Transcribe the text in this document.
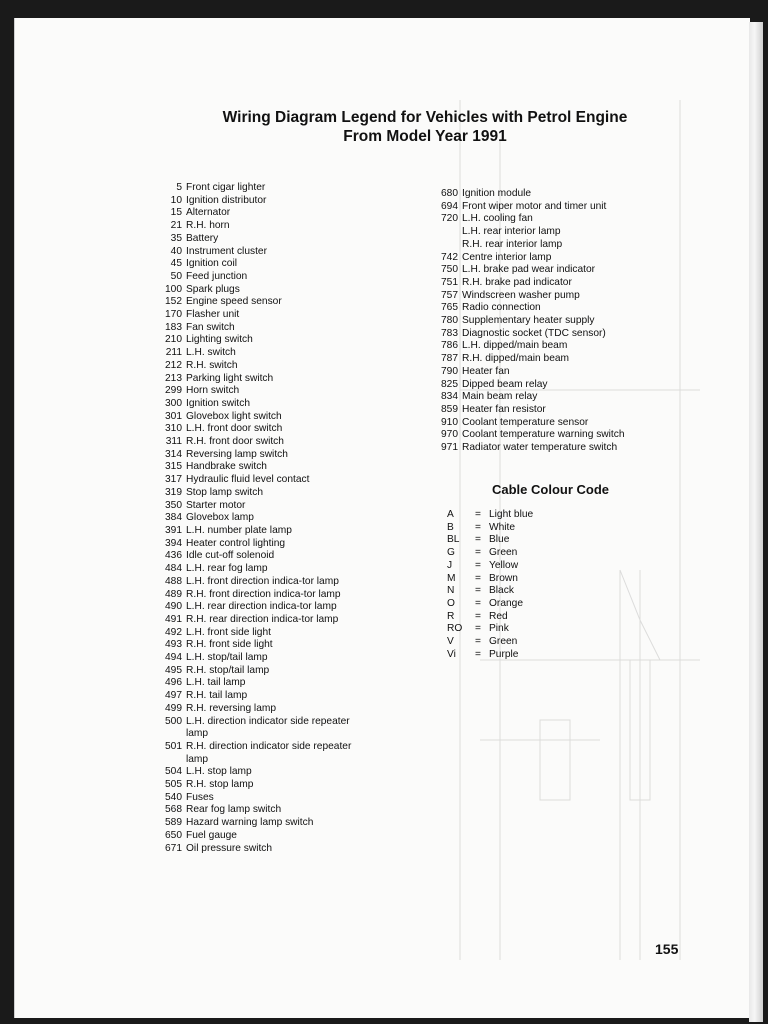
Wiring Diagram Legend for Vehicles with Petrol Engine
From Model Year 1991
5 Front cigar lighter
10 Ignition distributor
15 Alternator
21 R.H. horn
35 Battery
40 Instrument cluster
45 Ignition coil
50 Feed junction
100 Spark plugs
152 Engine speed sensor
170 Flasher unit
183 Fan switch
210 Lighting switch
211 L.H. switch
212 R.H. switch
213 Parking light switch
299 Horn switch
300 Ignition switch
301 Glovebox light switch
310 L.H. front door switch
311 R.H. front door switch
314 Reversing lamp switch
315 Handbrake switch
317 Hydraulic fluid level contact
319 Stop lamp switch
350 Starter motor
384 Glovebox lamp
391 L.H. number plate lamp
394 Heater control lighting
436 Idle cut-off solenoid
484 L.H. rear fog lamp
488 L.H. front direction indica-tor lamp
489 R.H. front direction indica-tor lamp
490 L.H. rear direction indica-tor lamp
491 R.H. rear direction indica-tor lamp
492 L.H. front side light
493 R.H. front side light
494 L.H. stop/tail lamp
495 R.H. stop/tail lamp
496 L.H. tail lamp
497 R.H. tail lamp
499 R.H. reversing lamp
500 L.H. direction indicator side repeater lamp
501 R.H. direction indicator side repeater lamp
504 L.H. stop lamp
505 R.H. stop lamp
540 Fuses
568 Rear fog lamp switch
589 Hazard warning lamp switch
650 Fuel gauge
671 Oil pressure switch
680 Ignition module
694 Front wiper motor and timer unit
720 L.H. cooling fan
L.H. rear interior lamp
R.H. rear interior lamp
742 Centre interior lamp
750 L.H. brake pad wear indicator
751 R.H. brake pad indicator
757 Windscreen washer pump
765 Radio connection
780 Supplementary heater supply
783 Diagnostic socket (TDC sensor)
786 L.H. dipped/main beam
787 R.H. dipped/main beam
790 Heater fan
825 Dipped beam relay
834 Main beam relay
859 Heater fan resistor
910 Coolant temperature sensor
970 Coolant temperature warning switch
971 Radiator water temperature switch
Cable Colour Code
A	= Light blue
B	= White
BL	= Blue
G	= Green
J	= Yellow
M	= Brown
N	= Black
O	= Orange
R	= Red
RO	= Pink
V	= Green
Vi	= Purple
155
